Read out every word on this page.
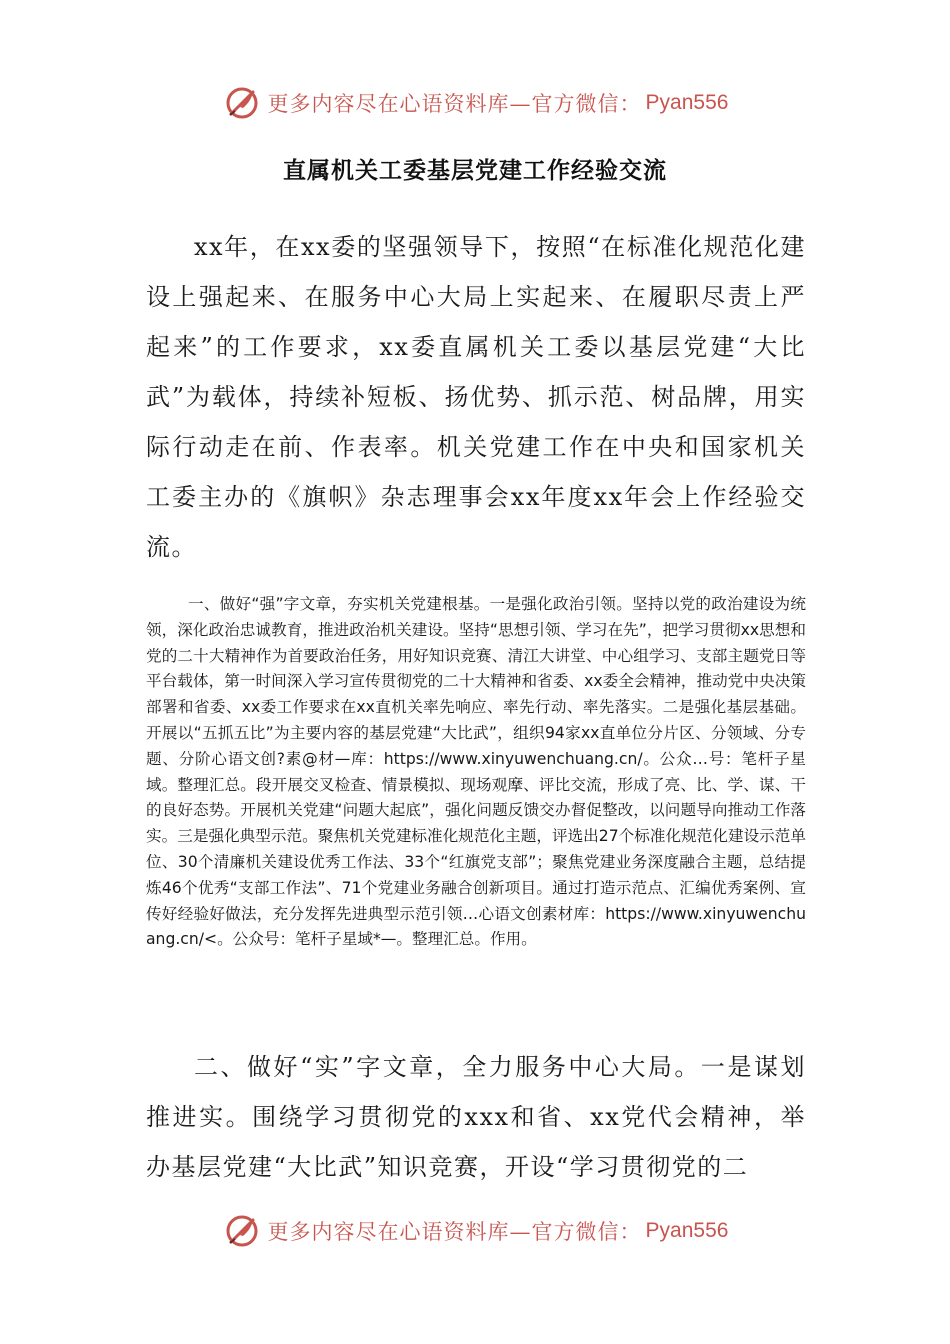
更多内容尽在心语资料库—官方微信： Pyan556
直属机关工委基层党建工作经验交流

xx年，在xx委的坚强领导下，按照“在标准化规范化建设上强起来、在服务中心大局上实起来、在履职尽责上严起来”的工作要求，xx委直属机关工委以基层党建“大比武”为载体，持续补短板、扬优势、抓示范、树品牌，用实际行动走在前、作表率。机关党建工作在中央和国家机关工委主办的《旗帜》杂志理事会xx年度xx年会上作经验交流。

一、做好“强”字文章，夯实机关党建根基。一是强化政治引领。坚持以党的政治建设为统领，深化政治忠诚教育，推进政治机关建设。坚持“思想引领、学习在先”，把学习贯彻xx思想和党的二十大精神作为首要政治任务，用好知识竞赛、清江大讲堂、中心组学习、支部主题党日等平台载体，第一时间深入学习宣传贯彻党的二十大精神和省委、xx委全会精神，推动党中央决策部署和省委、xx委工作要求在xx直机关率先响应、率先行动、率先落实。二是强化基层基础。开展以“五抓五比”为主要内容的基层党建“大比武”，组织94家xx直单位分片区、分领域、分专题、分阶心语文创?素@材—库：https://www.xinyuwenchuang.cn/。公众…号：笔杆子星域。整理汇总。段开展交叉检查、情景模拟、现场观摩、评比交流，形成了亮、比、学、谋、干的良好态势。开展机关党建“问题大起底”，强化问题反馈交办督促整改，以问题导向推动工作落实。三是强化典型示范。聚焦机关党建标准化规范化主题，评选出27个标准化规范化建设示范单位、30个清廉机关建设优秀工作法、33个“红旗党支部”；聚焦党建业务深度融合主题，总结提炼46个优秀“支部工作法”、71个党建业务融合创新项目。通过打造示范点、汇编优秀案例、宣传好经验好做法，充分发挥先进典型示范引领…心语文创素材库：https://www.xinyuwenchuang.cn/<。公众号：笔杆子星域*—。整理汇总。作用。

二、做好“实”字文章，全力服务中心大局。一是谋划推进实。围绕学习贯彻党的xxx和省、xx党代会精神，举办基层党建“大比武”知识竞赛，开设“学习贯彻党的二

更多内容尽在心语资料库—官方微信： Pyan556
